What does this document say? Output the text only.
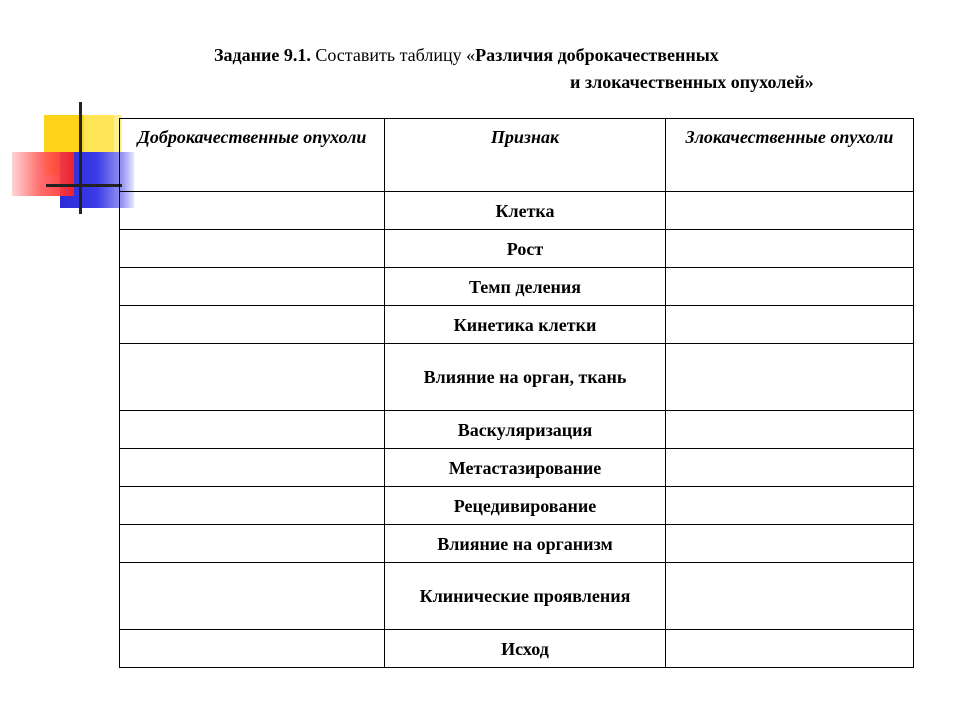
Задание 9.1. Составить таблицу «Различия доброкачественных
и злокачественных опухолей»
Доброкачественные опухоли	Признак	Злокачественные опухоли
	Клетка	
	Рост	
	Темп деления	
	Кинетика клетки	
	Влияние на орган, ткань	
	Васкуляризация	
	Метастазирование	
	Рецедивирование	
	Влияние на организм	
	Клинические проявления	
	Исход	
